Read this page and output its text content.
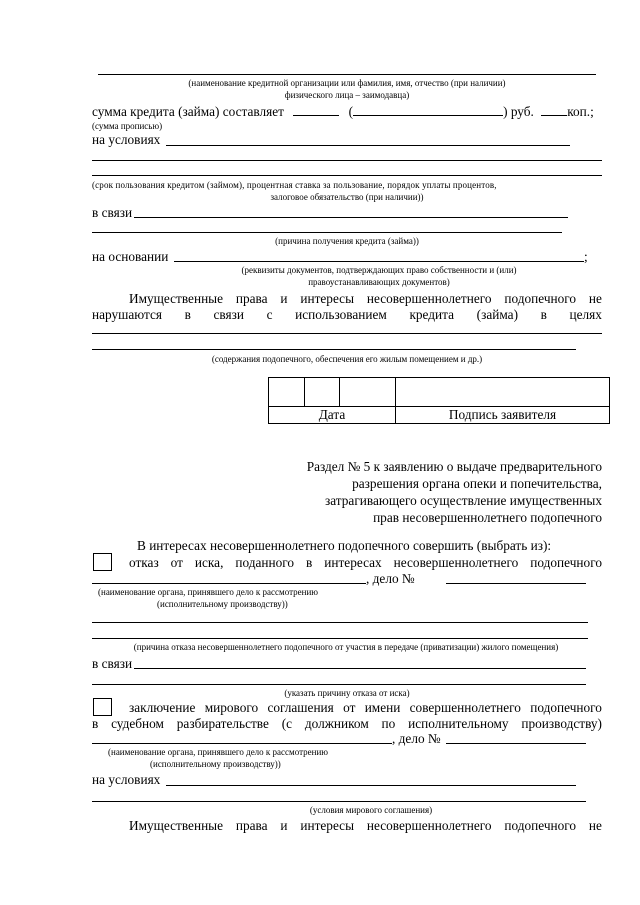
(наименование кредитной организации или фамилия, имя, отчество (при наличии)
физического лица – заимодавца)
сумма кредита (займа) составляет	(	) руб.	коп.;
(сумма прописью)
на условиях
(срок пользования кредитом (займом), процентная ставка за пользование, порядок уплаты процентов,
залоговое обязательство (при наличии))
в связи
(причина получения кредита (займа))
на основании	;
(реквизиты документов, подтверждающих право собственности и (или)
правоустанавливающих документов)
Имущественные права и интересы несовершеннолетнего подопечного не
нарушаются в связи с использованием кредита (займа) в целях
(содержания подопечного, обеспечения его жилым помещением и др.)

Дата			Подпись заявителя
Раздел № 5 к заявлению о выдаче предварительного
разрешения органа опеки и попечительства,
затрагивающего осуществление имущественных
прав несовершеннолетнего подопечного
В интересах несовершеннолетнего подопечного совершить (выбрать из):
отказ от иска, поданного в интересах несовершеннолетнего подопечного
, дело №
(наименование органа, принявшего дело к рассмотрению
(исполнительному производству))
(причина отказа несовершеннолетнего подопечного от участия в передаче (приватизации) жилого помещения)
в связи
(указать причину отказа от иска)
заключение мирового соглашения от имени совершеннолетнего подопечного
в судебном разбирательстве (с должником по исполнительному производству)
, дело №
(наименование органа, принявшего дело к рассмотрению
(исполнительному производству))
на условиях
(условия мирового соглашения)
Имущественные права и интересы несовершеннолетнего подопечного не
